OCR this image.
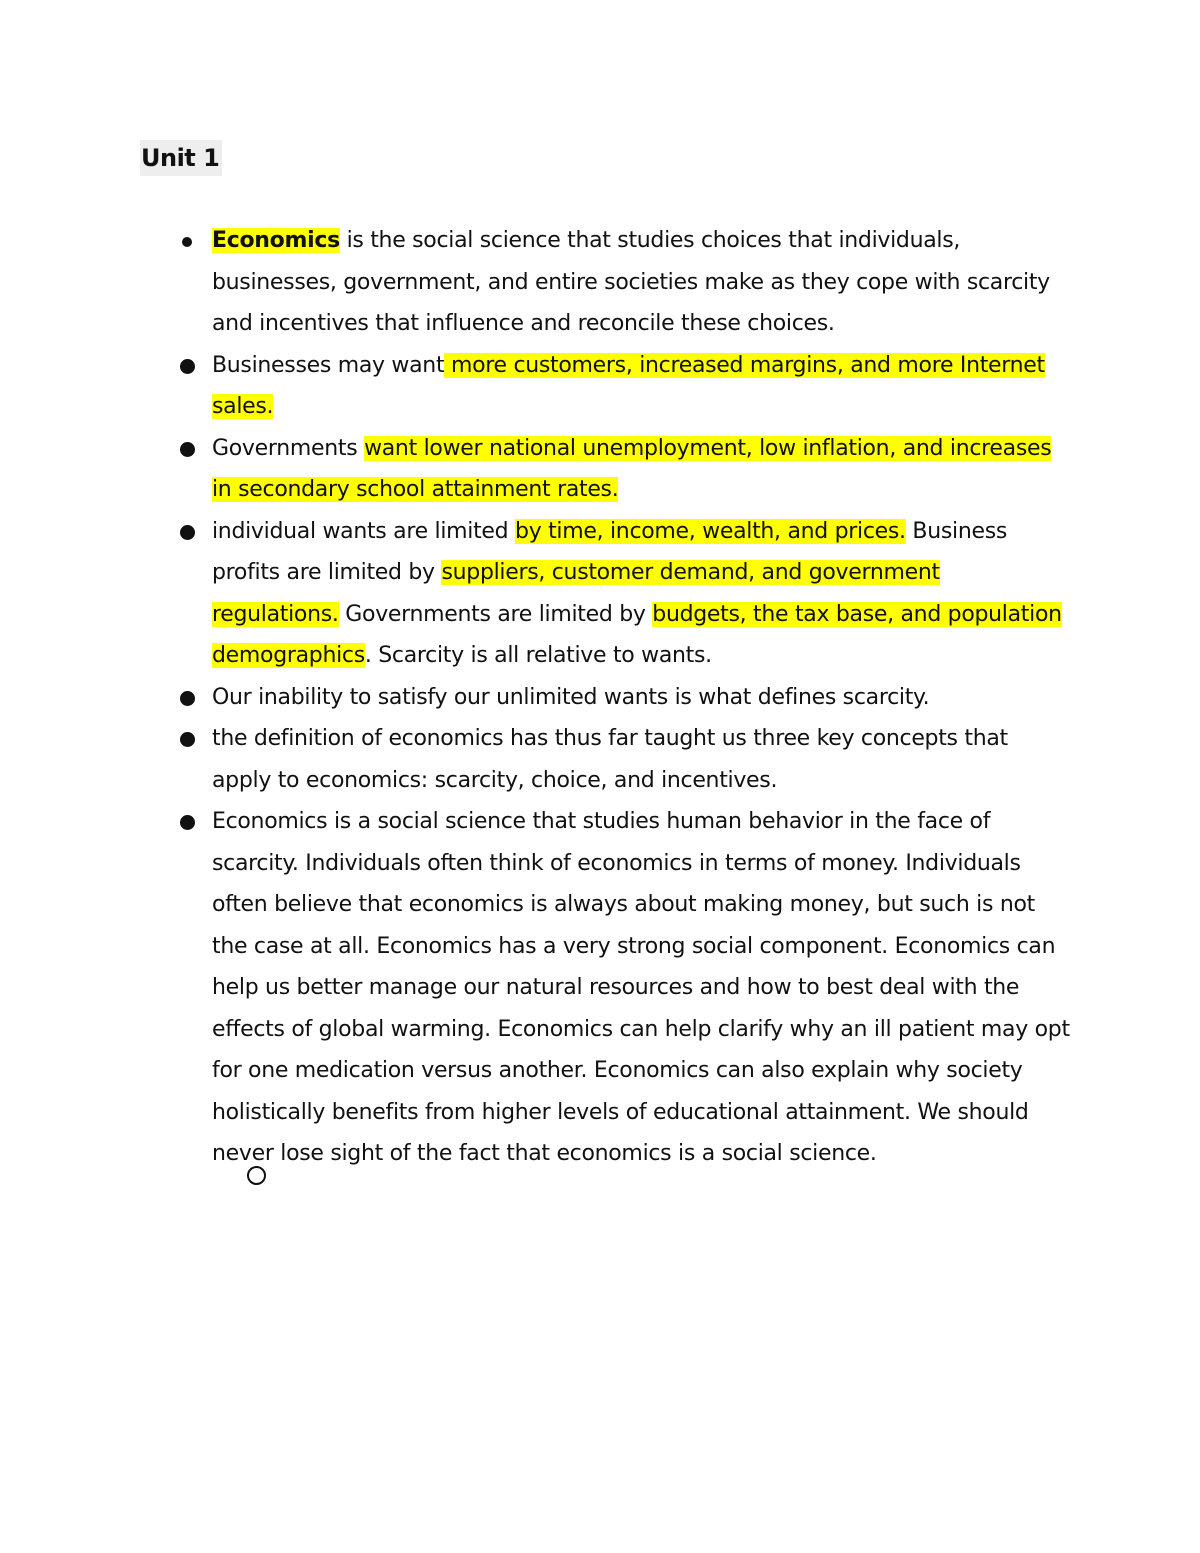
Unit 1
Economics is the social science that studies choices that individuals, businesses, government, and entire societies make as they cope with scarcity and incentives that influence and reconcile these choices.
Businesses may want more customers, increased margins, and more Internet sales.
Governments want lower national unemployment, low inflation, and increases in secondary school attainment rates.
individual wants are limited by time, income, wealth, and prices. Business profits are limited by suppliers, customer demand, and government regulations. Governments are limited by budgets, the tax base, and population demographics. Scarcity is all relative to wants.
Our inability to satisfy our unlimited wants is what defines scarcity.
the definition of economics has thus far taught us three key concepts that apply to economics: scarcity, choice, and incentives.
Economics is a social science that studies human behavior in the face of scarcity. Individuals often think of economics in terms of money. Individuals often believe that economics is always about making money, but such is not the case at all. Economics has a very strong social component. Economics can help us better manage our natural resources and how to best deal with the effects of global warming. Economics can help clarify why an ill patient may opt for one medication versus another. Economics can also explain why society holistically benefits from higher levels of educational attainment. We should never lose sight of the fact that economics is a social science.
